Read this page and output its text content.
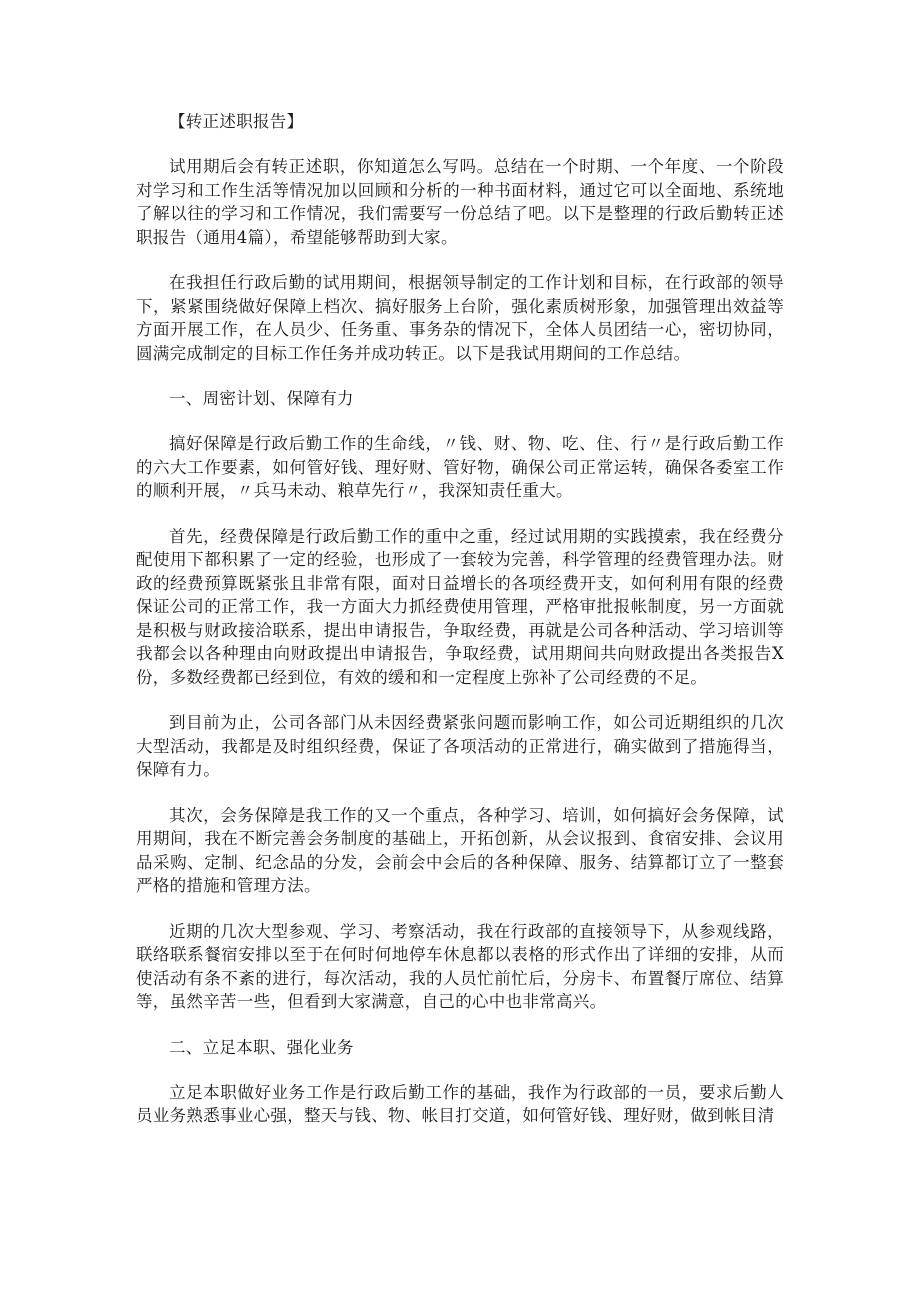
【转正述职报告】

试用期后会有转正述职，你知道怎么写吗。总结在一个时期、一个年度、一个阶段对学习和工作生活等情况加以回顾和分析的一种书面材料，通过它可以全面地、系统地了解以往的学习和工作情况，我们需要写一份总结了吧。以下是整理的行政后勤转正述职报告（通用4篇），希望能够帮助到大家。

在我担任行政后勤的试用期间，根据领导制定的工作计划和目标，在行政部的领导下，紧紧围绕做好保障上档次、搞好服务上台阶，强化素质树形象，加强管理出效益等方面开展工作，在人员少、任务重、事务杂的情况下，全体人员团结一心，密切协同，圆满完成制定的目标工作任务并成功转正。以下是我试用期间的工作总结。

一、周密计划、保障有力

搞好保障是行政后勤工作的生命线，〃钱、财、物、吃、住、行〃是行政后勤工作的六大工作要素，如何管好钱、理好财、管好物，确保公司正常运转，确保各委室工作的顺利开展，〃兵马未动、粮草先行〃，我深知责任重大。

首先，经费保障是行政后勤工作的重中之重，经过试用期的实践摸索，我在经费分配使用下都积累了一定的经验，也形成了一套较为完善，科学管理的经费管理办法。财政的经费预算既紧张且非常有限，面对日益增长的各项经费开支，如何利用有限的经费保证公司的正常工作，我一方面大力抓经费使用管理，严格审批报帐制度，另一方面就是积极与财政接洽联系，提出申请报告，争取经费，再就是公司各种活动、学习培训等我都会以各种理由向财政提出申请报告，争取经费，试用期间共向财政提出各类报告X份，多数经费都已经到位，有效的缓和和一定程度上弥补了公司经费的不足。

到目前为止，公司各部门从未因经费紧张问题而影响工作，如公司近期组织的几次大型活动，我都是及时组织经费，保证了各项活动的正常进行，确实做到了措施得当，保障有力。

其次，会务保障是我工作的又一个重点，各种学习、培训，如何搞好会务保障，试用期间，我在不断完善会务制度的基础上，开拓创新，从会议报到、食宿安排、会议用品采购、定制、纪念品的分发，会前会中会后的各种保障、服务、结算都订立了一整套严格的措施和管理方法。

近期的几次大型参观、学习、考察活动，我在行政部的直接领导下，从参观线路，联络联系餐宿安排以至于在何时何地停车休息都以表格的形式作出了详细的安排，从而使活动有条不紊的进行，每次活动，我的人员忙前忙后，分房卡、布置餐厅席位、结算等，虽然辛苦一些，但看到大家满意，自己的心中也非常高兴。

二、立足本职、强化业务

立足本职做好业务工作是行政后勤工作的基础，我作为行政部的一员，要求后勤人员业务熟悉事业心强，整天与钱、物、帐目打交道，如何管好钱、理好财，做到帐目清
